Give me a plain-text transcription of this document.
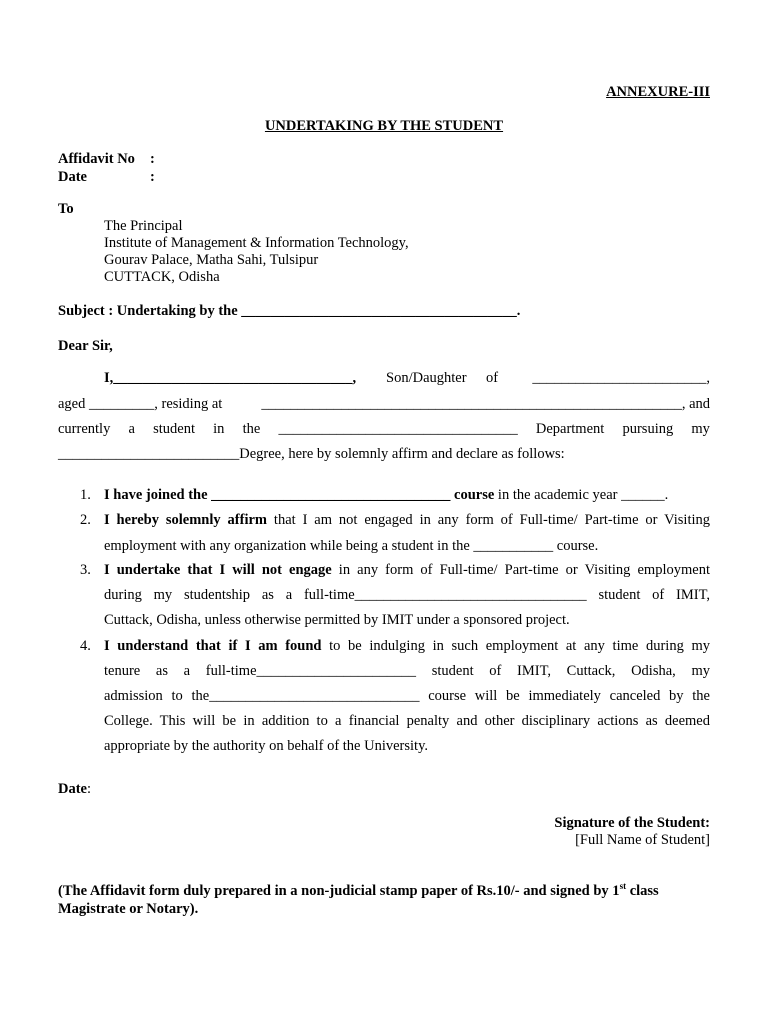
ANNEXURE-III
UNDERTAKING BY THE STUDENT
Affidavit No :
Date	:
To
The Principal
Institute of Management & Information Technology,
Gourav Palace, Matha Sahi, Tulsipur
CUTTACK, Odisha
Subject : Undertaking by the ______________________________________.
Dear Sir,
I,_________________________________, Son/Daughter of ________________________,
aged _________, residing at	__________________________________________________________, and
currently a student in the _________________________________ Department pursuing my
_________________________Degree, here by solemnly affirm and declare as follows:
1. I have joined the _________________________________ course in the academic year ______.
2. I hereby solemnly affirm that I am not engaged in any form of Full-time/ Part-time or Visiting
employment with any organization while being a student in the ___________ course.
3. I undertake that I will not engage in any form of Full-time/ Part-time or Visiting employment
during my studentship as a full-time________________________________ student of IMIT,
Cuttack, Odisha, unless otherwise permitted by IMIT under a sponsored project.
4. I understand that if I am found to be indulging in such employment at any time during my
tenure as a full-time______________________ student of IMIT, Cuttack, Odisha, my
admission to the_____________________________ course will be immediately canceled by the
College. This will be in addition to a financial penalty and other disciplinary actions as deemed
appropriate by the authority on behalf of the University.
Date:
Signature of the Student:
[Full Name of Student]
(The Affidavit form duly prepared in a non-judicial stamp paper of Rs.10/- and signed by 1st class
Magistrate or Notary).
